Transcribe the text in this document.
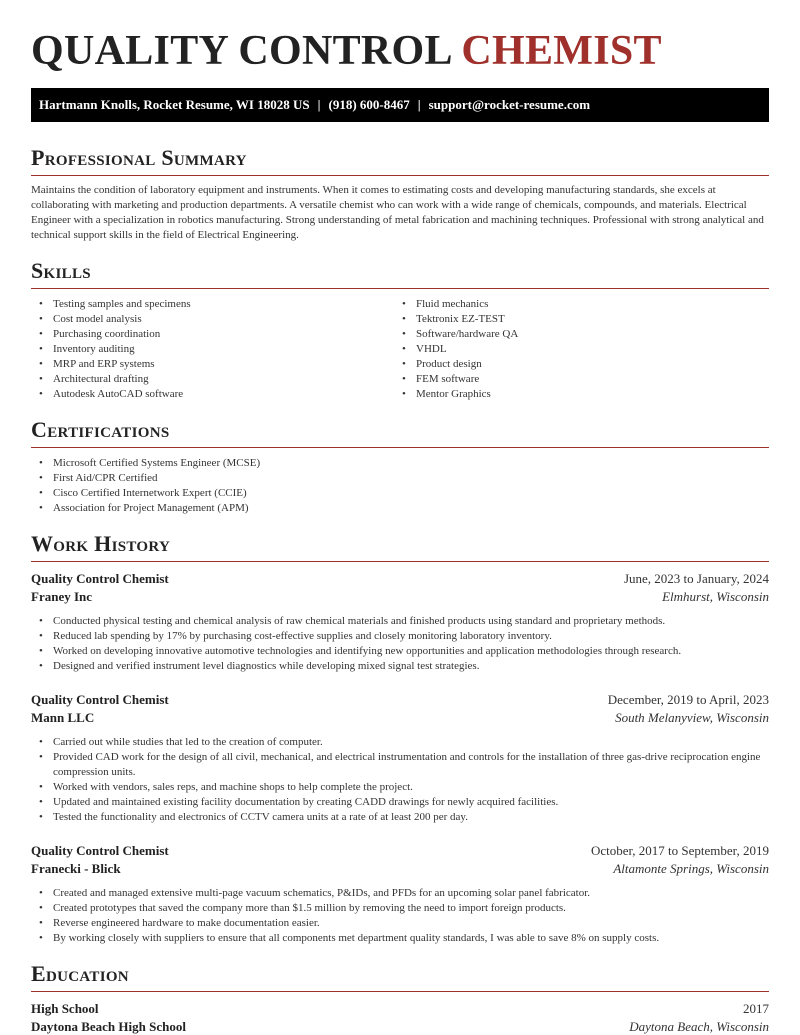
QUALITY CONTROL CHEMIST
Hartmann Knolls, Rocket Resume, WI 18028 US | (918) 600-8467 | support@rocket-resume.com
Professional Summary

Maintains the condition of laboratory equipment and instruments. When it comes to estimating costs and developing manufacturing standards, she excels at collaborating with marketing and production departments. A versatile chemist who can work with a wide range of chemicals, compounds, and materials. Electrical Engineer with a specialization in robotics manufacturing. Strong understanding of metal fabrication and machining techniques. Professional with strong analytical and technical support skills in the field of Electrical Engineering.

Skills
• Testing samples and specimens
• Cost model analysis
• Purchasing coordination
• Inventory auditing
• MRP and ERP systems
• Architectural drafting
• Autodesk AutoCAD software
• Fluid mechanics
• Tektronix EZ-TEST
• Software/hardware QA
• VHDL
• Product design
• FEM software
• Mentor Graphics
Certifications
• Microsoft Certified Systems Engineer (MCSE)
• First Aid/CPR Certified
• Cisco Certified Internetwork Expert (CCIE)
• Association for Project Management (APM)
Work History
Quality Control Chemist	June, 2023 to January, 2024
Franey Inc	Elmhurst, Wisconsin
• Conducted physical testing and chemical analysis of raw chemical materials and finished products using standard and proprietary methods.
• Reduced lab spending by 17% by purchasing cost-effective supplies and closely monitoring laboratory inventory.
• Worked on developing innovative automotive technologies and identifying new opportunities and application methodologies through research.
• Designed and verified instrument level diagnostics while developing mixed signal test strategies.
Quality Control Chemist	December, 2019 to April, 2023
Mann LLC	South Melanyview, Wisconsin
• Carried out while studies that led to the creation of computer.
• Provided CAD work for the design of all civil, mechanical, and electrical instrumentation and controls for the installation of three gas-drive reciprocation engine compression units.
• Worked with vendors, sales reps, and machine shops to help complete the project.
• Updated and maintained existing facility documentation by creating CADD drawings for newly acquired facilities.
• Tested the functionality and electronics of CCTV camera units at a rate of at least 200 per day.
Quality Control Chemist	October, 2017 to September, 2019
Franecki - Blick	Altamonte Springs, Wisconsin
• Created and managed extensive multi-page vacuum schematics, P&IDs, and PFDs for an upcoming solar panel fabricator.
• Created prototypes that saved the company more than $1.5 million by removing the need to import foreign products.
• Reverse engineered hardware to make documentation easier.
• By working closely with suppliers to ensure that all components met department quality standards, I was able to save 8% on supply costs.
Education
High School	2017
Daytona Beach High School	Daytona Beach, Wisconsin
